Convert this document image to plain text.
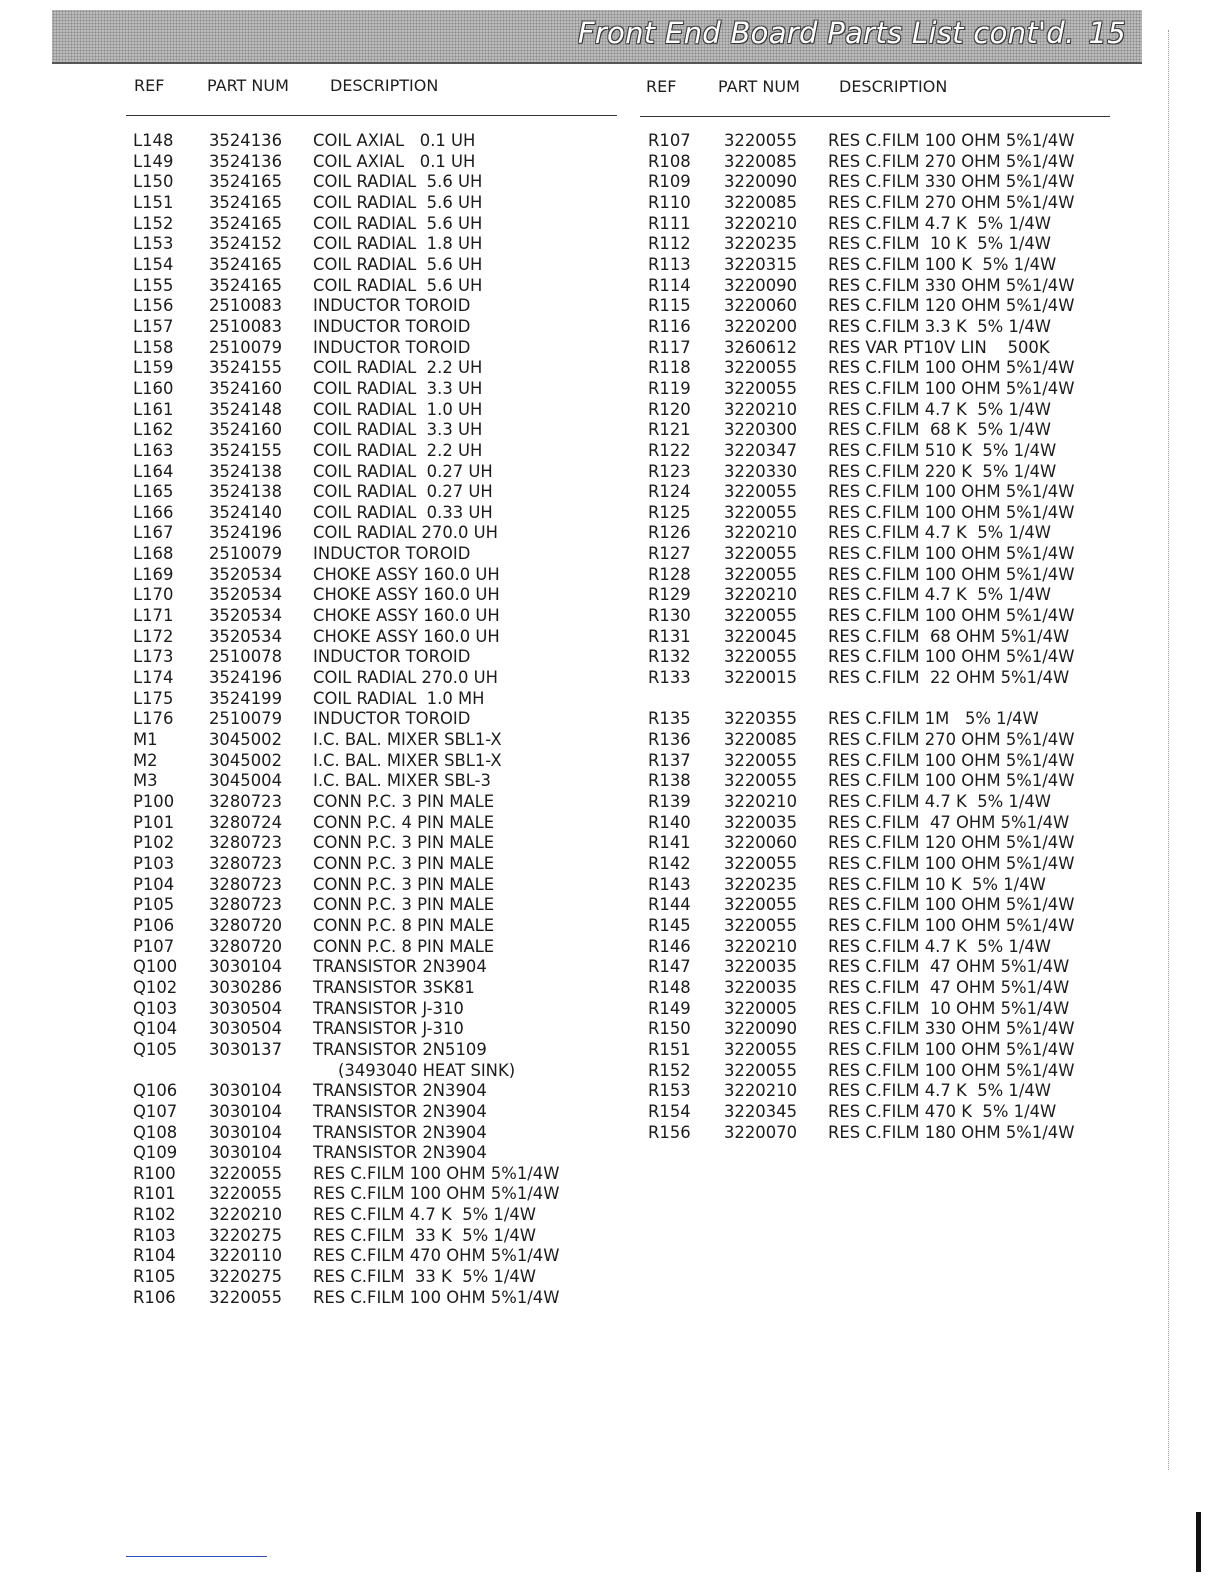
Front End Board Parts List cont'd. 15
REF	PART NUM	DESCRIPTION	REF	PART NUM DESCRIPTION
L148 3524136 COIL AXIAL   0.1 UH
L149 3524136 COIL AXIAL   0.1 UH
L150 3524165 COIL RADIAL  5.6 UH
L151 3524165 COIL RADIAL  5.6 UH
L152 3524165 COIL RADIAL  5.6 UH
L153 3524152 COIL RADIAL  1.8 UH
L154 3524165 COIL RADIAL  5.6 UH
L155 3524165 COIL RADIAL  5.6 UH
L156 2510083 INDUCTOR TOROID
L157 2510083 INDUCTOR TOROID
L158 2510079 INDUCTOR TOROID
L159 3524155 COIL RADIAL  2.2 UH
L160 3524160 COIL RADIAL  3.3 UH
L161 3524148 COIL RADIAL  1.0 UH
L162 3524160 COIL RADIAL  3.3 UH
L163 3524155 COIL RADIAL  2.2 UH
L164 3524138 COIL RADIAL  0.27 UH
L165 3524138 COIL RADIAL  0.27 UH
L166 3524140 COIL RADIAL  0.33 UH
L167 3524196 COIL RADIAL 270.0 UH
L168 2510079 INDUCTOR TOROID
L169 3520534 CHOKE ASSY 160.0 UH
L170 3520534 CHOKE ASSY 160.0 UH
L171 3520534 CHOKE ASSY 160.0 UH
L172 3520534 CHOKE ASSY 160.0 UH
L173 2510078 INDUCTOR TOROID
L174 3524196 COIL RADIAL 270.0 UH
L175 3524199 COIL RADIAL  1.0 MH
L176 2510079 INDUCTOR TOROID
M1	3045002 I.C. BAL. MIXER SBL1-X
M2	3045002 I.C. BAL. MIXER SBL1-X
M3	3045004 I.C. BAL. MIXER SBL-3
P100 3280723 CONN P.C. 3 PIN MALE
P101 3280724 CONN P.C. 4 PIN MALE
P102 3280723 CONN P.C. 3 PIN MALE
P103 3280723 CONN P.C. 3 PIN MALE
P104 3280723 CONN P.C. 3 PIN MALE
P105 3280723 CONN P.C. 3 PIN MALE
P106 3280720 CONN P.C. 8 PIN MALE
P107 3280720 CONN P.C. 8 PIN MALE
Q100 3030104 TRANSISTOR 2N3904
Q102 3030286 TRANSISTOR 3SK81
Q103 3030504 TRANSISTOR J-310
Q104 3030504 TRANSISTOR J-310
Q105 3030137 TRANSISTOR 2N5109
(3493040 HEAT SINK)
Q106 3030104 TRANSISTOR 2N3904
Q107 3030104 TRANSISTOR 2N3904
Q108 3030104 TRANSISTOR 2N3904
Q109 3030104 TRANSISTOR 2N3904
R100 3220055 RES C.FILM 100 OHM 5%1/4W
R101 3220055 RES C.FILM 100 OHM 5%1/4W
R102 3220210 RES C.FILM 4.7 K  5% 1/4W
R103 3220275 RES C.FILM  33 K  5% 1/4W
R104 3220110 RES C.FILM 470 OHM 5%1/4W
R105 3220275 RES C.FILM  33 K  5% 1/4W
R106 3220055 RES C.FILM 100 OHM 5%1/4W
R107 3220055 RES C.FILM 100 OHM 5%1/4W
R108 3220085 RES C.FILM 270 OHM 5%1/4W
R109 3220090 RES C.FILM 330 OHM 5%1/4W
R110 3220085 RES C.FILM 270 OHM 5%1/4W
R111 3220210 RES C.FILM 4.7 K  5% 1/4W
R112 3220235 RES C.FILM  10 K  5% 1/4W
R113 3220315 RES C.FILM 100 K  5% 1/4W
R114 3220090 RES C.FILM 330 OHM 5%1/4W
R115 3220060 RES C.FILM 120 OHM 5%1/4W
R116 3220200 RES C.FILM 3.3 K  5% 1/4W
R117 3260612 RES VAR PT10V LIN    500K
R118 3220055 RES C.FILM 100 OHM 5%1/4W
R119 3220055 RES C.FILM 100 OHM 5%1/4W
R120 3220210 RES C.FILM 4.7 K  5% 1/4W
R121 3220300 RES C.FILM  68 K  5% 1/4W
R122 3220347 RES C.FILM 510 K  5% 1/4W
R123 3220330 RES C.FILM 220 K  5% 1/4W
R124 3220055 RES C.FILM 100 OHM 5%1/4W
R125 3220055 RES C.FILM 100 OHM 5%1/4W
R126 3220210 RES C.FILM 4.7 K  5% 1/4W
R127 3220055 RES C.FILM 100 OHM 5%1/4W
R128 3220055 RES C.FILM 100 OHM 5%1/4W
R129 3220210 RES C.FILM 4.7 K  5% 1/4W
R130 3220055 RES C.FILM 100 OHM 5%1/4W
R131 3220045 RES C.FILM  68 OHM 5%1/4W
R132 3220055 RES C.FILM 100 OHM 5%1/4W
R133 3220015 RES C.FILM  22 OHM 5%1/4W
R135 3220355 RES C.FILM 1M   5% 1/4W
R136 3220085 RES C.FILM 270 OHM 5%1/4W
R137 3220055 RES C.FILM 100 OHM 5%1/4W
R138 3220055 RES C.FILM 100 OHM 5%1/4W
R139 3220210 RES C.FILM 4.7 K  5% 1/4W
R140 3220035 RES C.FILM  47 OHM 5%1/4W
R141 3220060 RES C.FILM 120 OHM 5%1/4W
R142 3220055 RES C.FILM 100 OHM 5%1/4W
R143 3220235 RES C.FILM 10 K  5% 1/4W
R144 3220055 RES C.FILM 100 OHM 5%1/4W
R145 3220055 RES C.FILM 100 OHM 5%1/4W
R146 3220210 RES C.FILM 4.7 K  5% 1/4W
R147 3220035 RES C.FILM  47 OHM 5%1/4W
R148 3220035 RES C.FILM  47 OHM 5%1/4W
R149 3220005 RES C.FILM  10 OHM 5%1/4W
R150 3220090 RES C.FILM 330 OHM 5%1/4W
R151 3220055 RES C.FILM 100 OHM 5%1/4W
R152 3220055 RES C.FILM 100 OHM 5%1/4W
R153 3220210 RES C.FILM 4.7 K  5% 1/4W
R154 3220345 RES C.FILM 470 K  5% 1/4W
R156 3220070 RES C.FILM 180 OHM 5%1/4W
